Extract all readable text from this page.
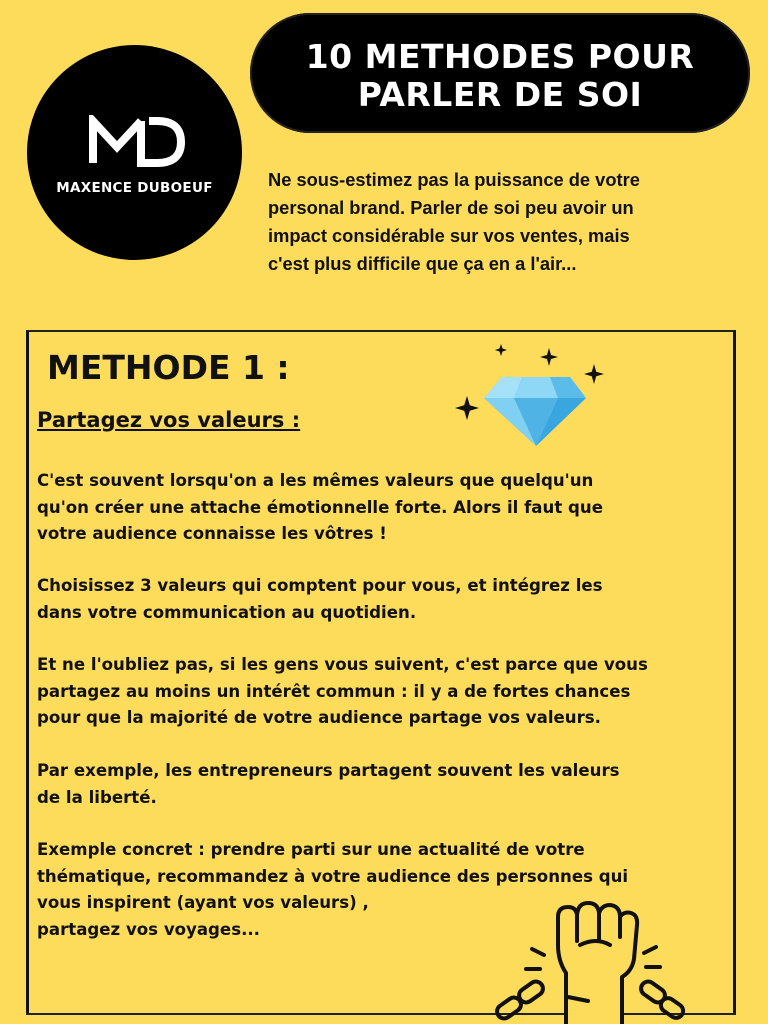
MAXENCE DUBOEUF
10 METHODES POUR
PARLER DE SOI
Ne sous-estimez pas la puissance de votre
personal brand. Parler de soi peu avoir un
impact considérable sur vos ventes, mais
c'est plus difficile que ça en a l'air...
METHODE 1 :
Partagez vos valeurs :
C'est souvent lorsqu'on a les mêmes valeurs que quelqu'un
qu'on créer une attache émotionnelle forte. Alors il faut que
votre audience connaisse les vôtres !
Choisissez 3 valeurs qui comptent pour vous, et intégrez les
dans votre communication au quotidien.
Et ne l'oubliez pas, si les gens vous suivent, c'est parce que vous
partagez au moins un intérêt commun : il y a de fortes chances
pour que la majorité de votre audience partage vos valeurs.
Par exemple, les entrepreneurs partagent souvent les valeurs
de la liberté.
Exemple concret : prendre parti sur une actualité de votre
thématique, recommandez à votre audience des personnes qui
vous inspirent (ayant vos valeurs) ,
partagez vos voyages...
